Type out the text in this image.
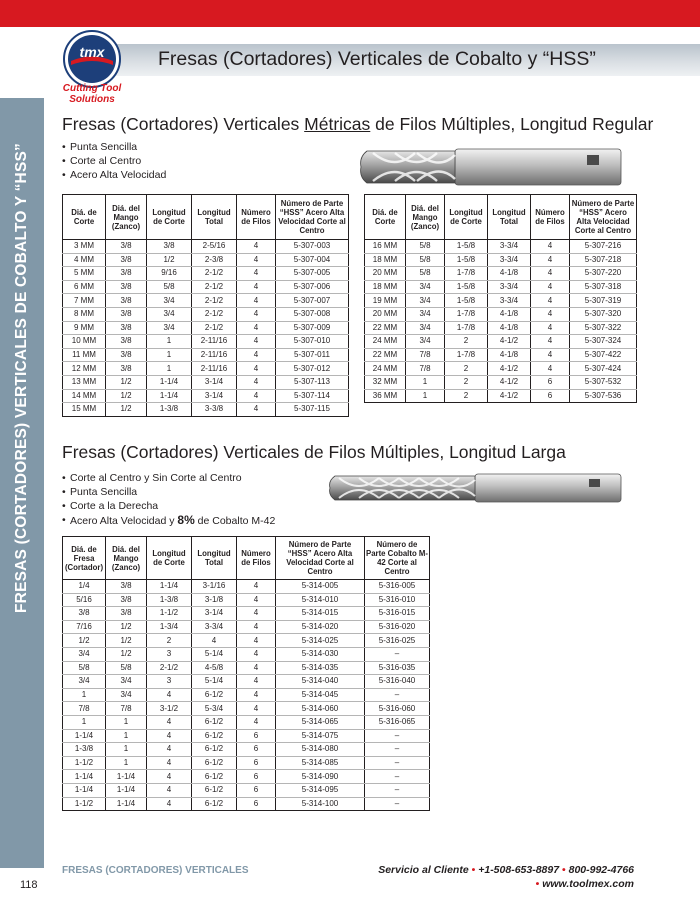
FRESAS (CORTADORES) VERTICALES DE COBALTO Y “HSS”
Fresas (Cortadores) Verticales de Cobalto y “HSS”
tmx
Cutting Tool
Solutions
Fresas (Cortadores) Verticales Métricas de Filos Múltiples, Longitud Regular
• Punta Sencilla
• Corte al Centro
• Acero Alta Velocidad
Diá. de Corte	Diá. del Mango (Zanco)	Longitud de Corte	Longitud Total	Número de Filos	Número de Parte “HSS” Acero Alta Velocidad Corte al Centro
3 MM	3/8	3/8	2-5/16	4	5-307-003
4 MM	3/8	1/2	2-3/8	4	5-307-004
5 MM	3/8	9/16	2-1/2	4	5-307-005
6 MM	3/8	5/8	2-1/2	4	5-307-006
7 MM	3/8	3/4	2-1/2	4	5-307-007
8 MM	3/8	3/4	2-1/2	4	5-307-008
9 MM	3/8	3/4	2-1/2	4	5-307-009
10 MM	3/8	1	2-11/16	4	5-307-010
11 MM	3/8	1	2-11/16	4	5-307-011
12 MM	3/8	1	2-11/16	4	5-307-012
13 MM	1/2	1-1/4	3-1/4	4	5-307-113
14 MM	1/2	1-1/4	3-1/4	4	5-307-114
15 MM	1/2	1-3/8	3-3/8	4	5-307-115
Diá. de Corte	Diá. del Mango (Zanco)	Longitud de Corte	Longitud Total	Número de Filos	Número de Parte “HSS” Acero Alta Velocidad Corte al Centro
16 MM	5/8	1-5/8	3-3/4	4	5-307-216
18 MM	5/8	1-5/8	3-3/4	4	5-307-218
20 MM	5/8	1-7/8	4-1/8	4	5-307-220
18 MM	3/4	1-5/8	3-3/4	4	5-307-318
19 MM	3/4	1-5/8	3-3/4	4	5-307-319
20 MM	3/4	1-7/8	4-1/8	4	5-307-320
22 MM	3/4	1-7/8	4-1/8	4	5-307-322
24 MM	3/4	2	4-1/2	4	5-307-324
22 MM	7/8	1-7/8	4-1/8	4	5-307-422
24 MM	7/8	2	4-1/2	4	5-307-424
32 MM	1	2	4-1/2	6	5-307-532
36 MM	1	2	4-1/2	6	5-307-536
Fresas (Cortadores) Verticales de Filos Múltiples, Longitud Larga
• Corte al Centro y Sin Corte al Centro
• Punta Sencilla
• Corte a la Derecha
• Acero Alta Velocidad y 8% de Cobalto M-42
Diá. de Fresa (Cortador)	Diá. del Mango (Zanco)	Longitud de Corte	Longitud Total	Número de Filos	Número de Parte “HSS” Acero Alta Velocidad Corte al Centro	Número de Parte Cobalto M-42 Corte al Centro
1/4	3/8	1-1/4	3-1/16	4	5-314-005	5-316-005
5/16	3/8	1-3/8	3-1/8	4	5-314-010	5-316-010
3/8	3/8	1-1/2	3-1/4	4	5-314-015	5-316-015
7/16	1/2	1-3/4	3-3/4	4	5-314-020	5-316-020
1/2	1/2	2	4	4	5-314-025	5-316-025
3/4	1/2	3	5-1/4	4	5-314-030	–
5/8	5/8	2-1/2	4-5/8	4	5-314-035	5-316-035
3/4	3/4	3	5-1/4	4	5-314-040	5-316-040
1	3/4	4	6-1/2	4	5-314-045	–
7/8	7/8	3-1/2	5-3/4	4	5-314-060	5-316-060
1	1	4	6-1/2	4	5-314-065	5-316-065
1-1/4	1	4	6-1/2	6	5-314-075	–
1-3/8	1	4	6-1/2	6	5-314-080	–
1-1/2	1	4	6-1/2	6	5-314-085	–
1-1/4	1-1/4	4	6-1/2	6	5-314-090	–
1-1/4	1-1/4	4	6-1/2	6	5-314-095	–
1-1/2	1-1/4	4	6-1/2	6	5-314-100	–
FRESAS (CORTADORES) VERTICALES
118
Servicio al Cliente • +1-508-653-8897 • 800-992-4766
• www.toolmex.com
